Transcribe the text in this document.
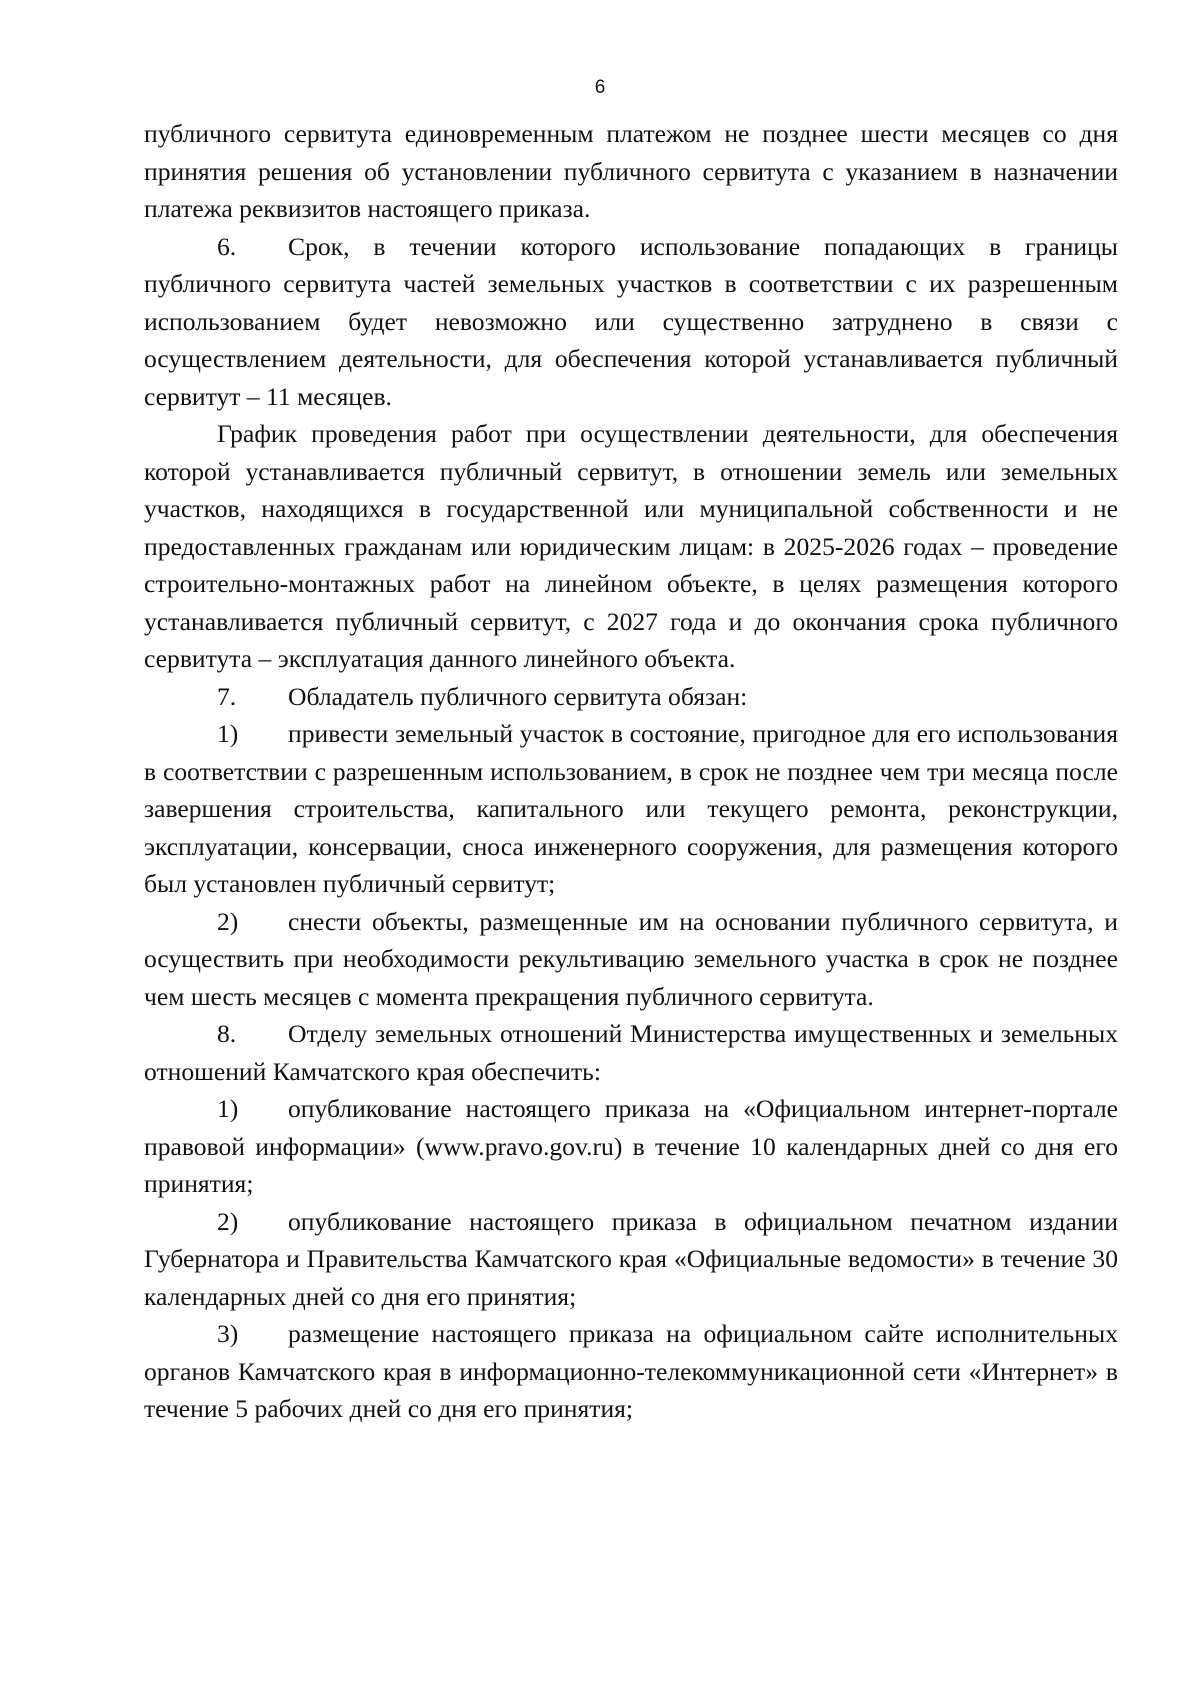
6

публичного сервитута единовременным платежом не позднее шести месяцев со дня принятия решения об установлении публичного сервитута с указанием в назначении платежа реквизитов настоящего приказа.

6. Срок, в течении которого использование попадающих в границы публичного сервитута частей земельных участков в соответствии с их разрешенным использованием будет невозможно или существенно затруднено в связи с осуществлением деятельности, для обеспечения которой устанавливается публичный сервитут – 11 месяцев.

График проведения работ при осуществлении деятельности, для обеспечения которой устанавливается публичный сервитут, в отношении земель или земельных участков, находящихся в государственной или муниципальной собственности и не предоставленных гражданам или юридическим лицам: в 2025-2026 годах – проведение строительно-монтажных работ на линейном объекте, в целях размещения которого устанавливается публичный сервитут, с 2027 года и до окончания срока публичного сервитута – эксплуатация данного линейного объекта.

7. Обладатель публичного сервитута обязан:

1) привести земельный участок в состояние, пригодное для его использования в соответствии с разрешенным использованием, в срок не позднее чем три месяца после завершения строительства, капитального или текущего ремонта, реконструкции, эксплуатации, консервации, сноса инженерного сооружения, для размещения которого был установлен публичный сервитут;

2) снести объекты, размещенные им на основании публичного сервитута, и осуществить при необходимости рекультивацию земельного участка в срок не позднее чем шесть месяцев с момента прекращения публичного сервитута.

8. Отделу земельных отношений Министерства имущественных и земельных отношений Камчатского края обеспечить:

1) опубликование настоящего приказа на «Официальном интернет-портале правовой информации» (www.pravo.gov.ru) в течение 10 календарных дней со дня его принятия;

2) опубликование настоящего приказа в официальном печатном издании Губернатора и Правительства Камчатского края «Официальные ведомости» в течение 30 календарных дней со дня его принятия;

3) размещение настоящего приказа на официальном сайте исполнительных органов Камчатского края в информационно-телекоммуникационной сети «Интернет» в течение 5 рабочих дней со дня его принятия;
